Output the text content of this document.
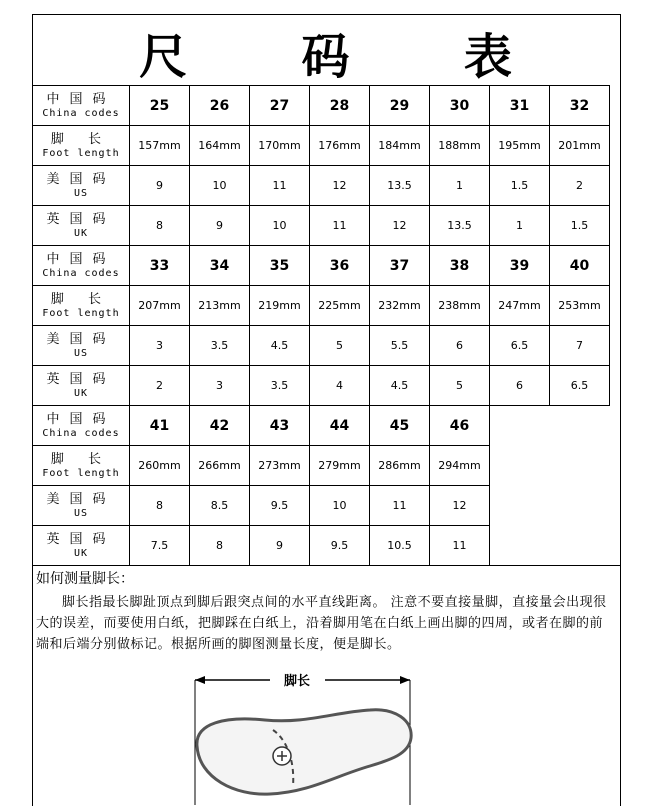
尺 码 表
中国码
China codes	25	26	27	28	29	30	31	32

脚 长
Foot length	157mm	164mm	170mm	176mm	184mm	188mm	195mm	201mm

美国码
US	9	10	11	12	13.5	1	1.5	2

英国码
UK	8	9	10	11	12	13.5	1	1.5

中国码
China codes	33	34	35	36	37	38	39	40

脚 长
Foot length	207mm	213mm	219mm	225mm	232mm	238mm	247mm	253mm

美国码
US	3	3.5	4.5	5	5.5	6	6.5	7

英国码
UK	2	3	3.5	4	4.5	5	6	6.5

中国码
China codes	41	42	43	44	45	46		

脚 长
Foot length	260mm	266mm	273mm	279mm	286mm	294mm		

美国码
US	8	8.5	9.5	10	11	12		

英国码
UK	7.5	8	9	9.5	10.5	11		
如何测量脚长：
脚长指最长脚趾顶点到脚后跟突点间的水平直线距离。 注意不要直接量脚，直接量会出现很大的误差，而要使用白纸，把脚踩在白纸上，沿着脚用笔在白纸上画出脚的四周，或者在脚的前端和后端分别做标记。根据所画的脚图测量长度，便是脚长。
脚长
